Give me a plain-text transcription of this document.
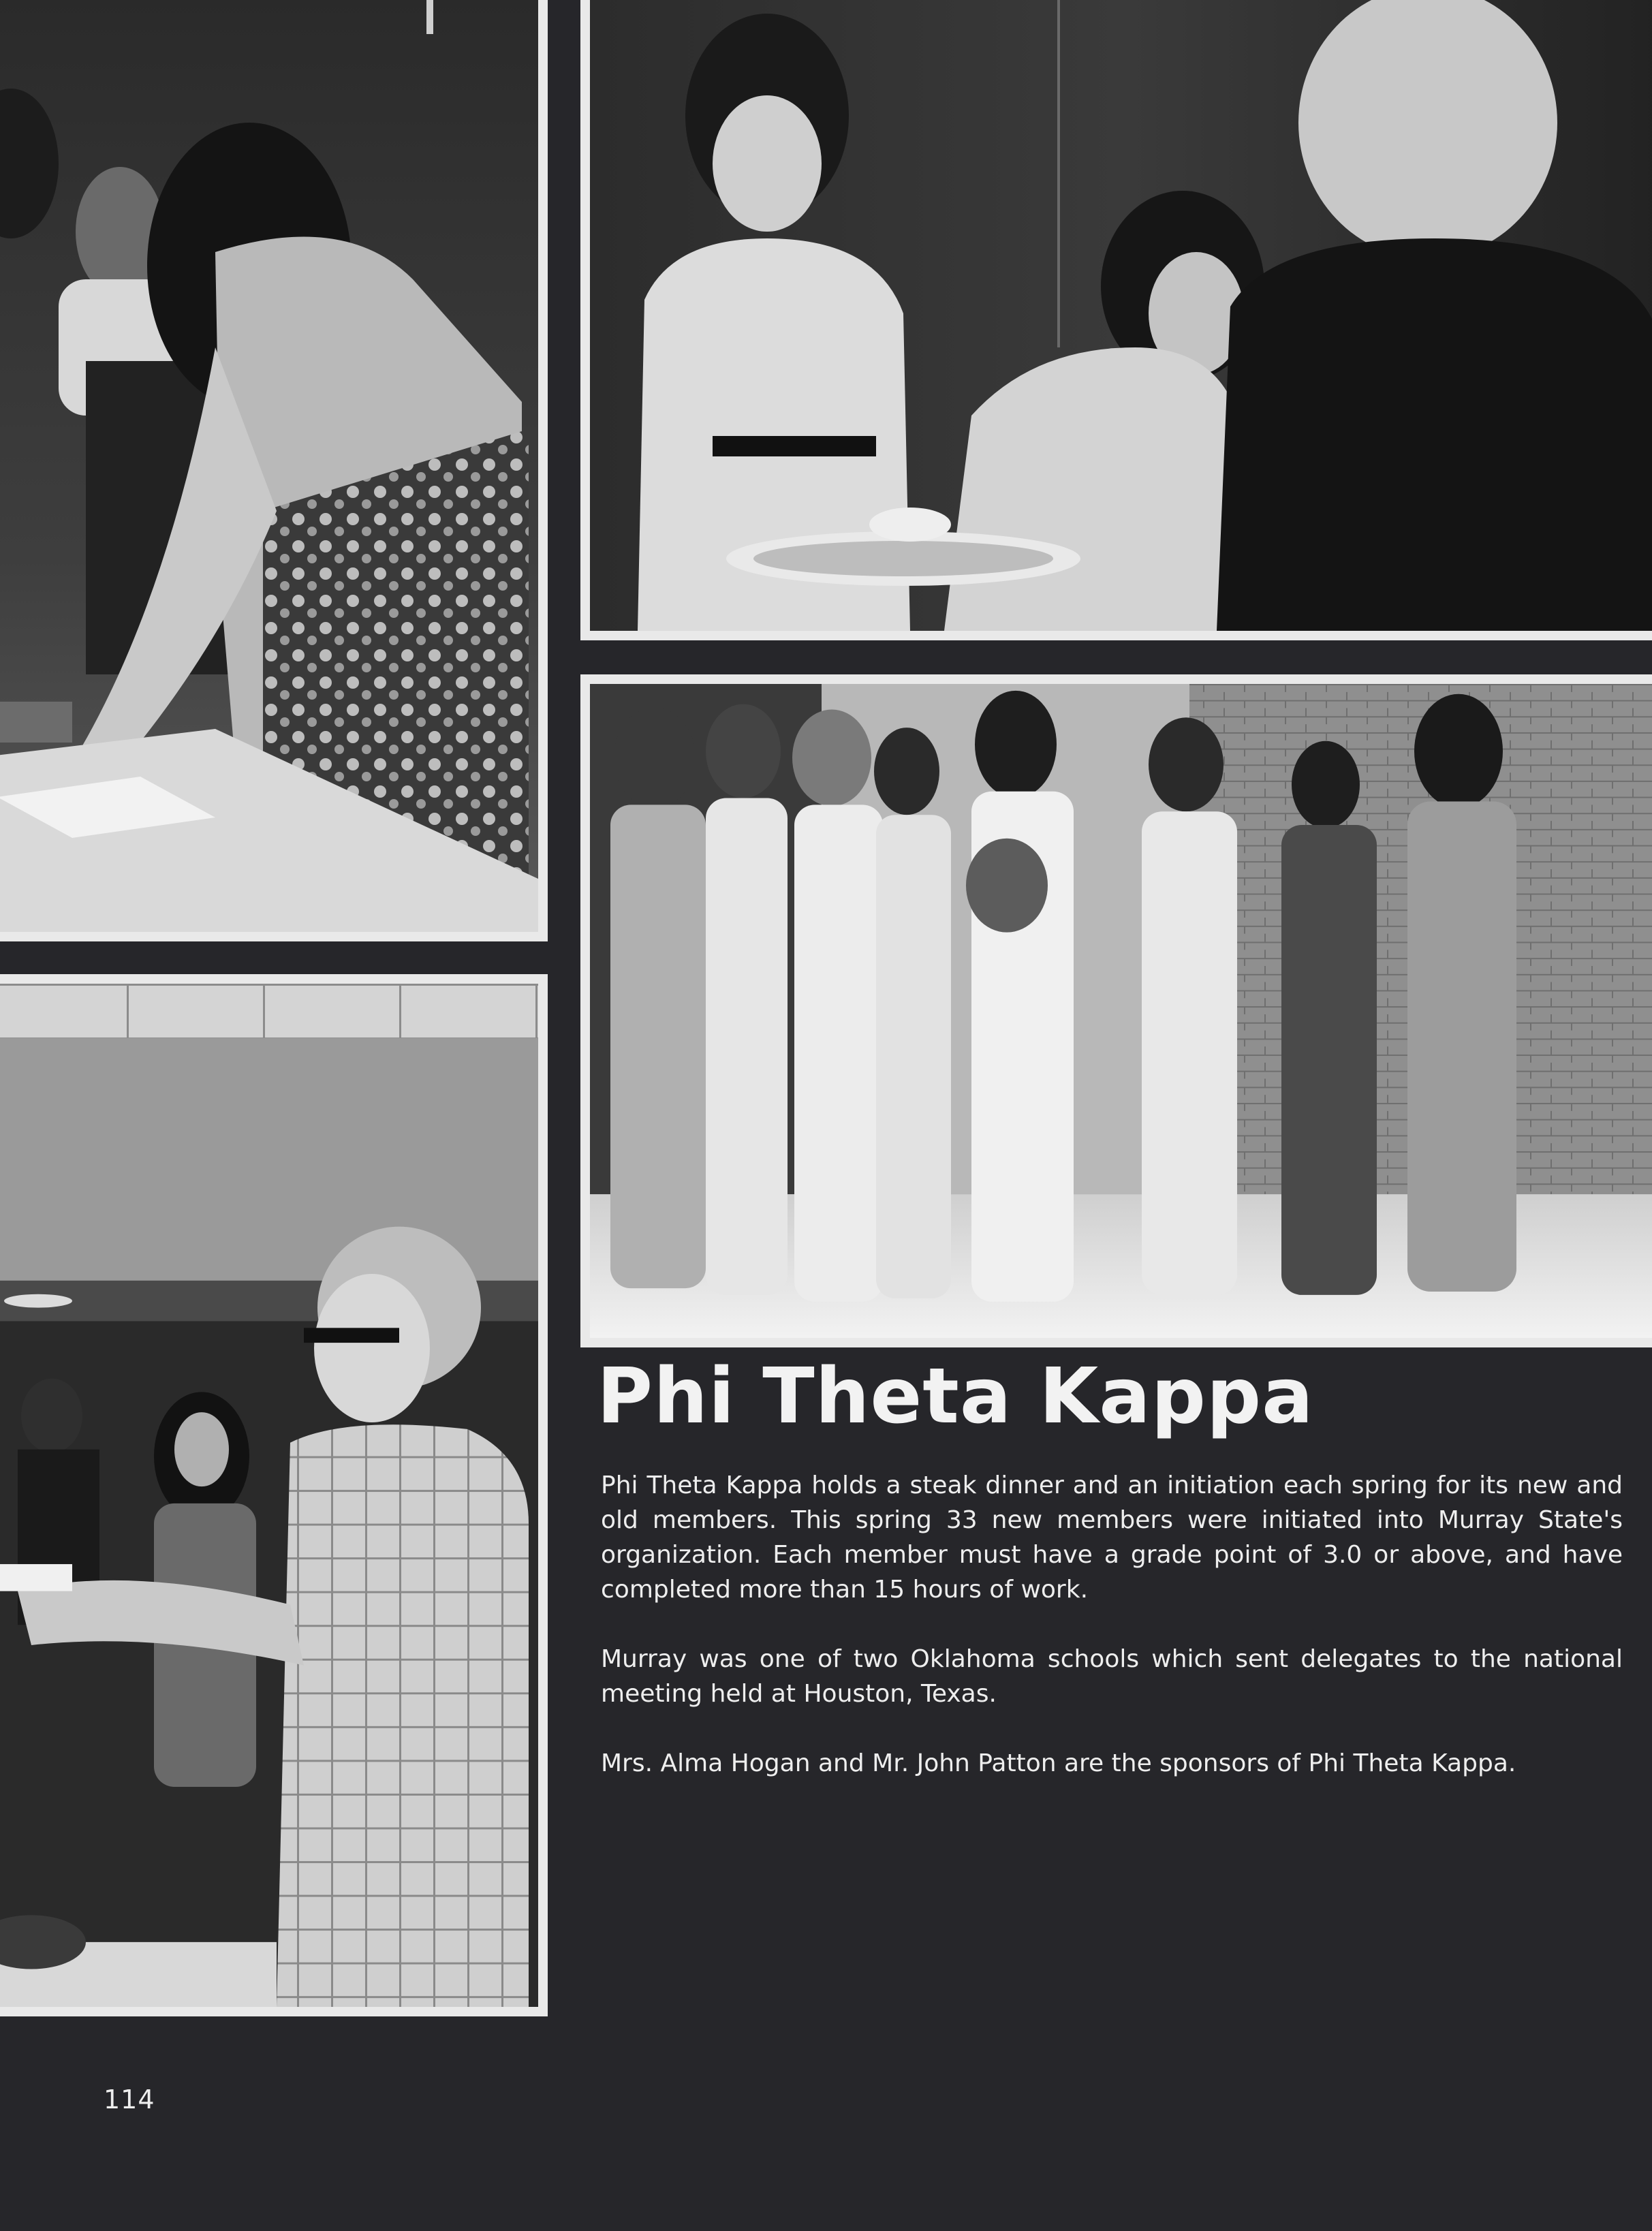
Phi Theta Kappa

Phi Theta Kappa holds a steak dinner and an initiation each spring for its new and old members. This spring 33 new members were initiated into Murray State's organization. Each member must have a grade point of 3.0 or above, and have completed more than 15 hours of work.

Murray was one of two Oklahoma schools which sent delegates to the national meeting held at Houston, Texas.

Mrs. Alma Hogan and Mr. John Patton are the sponsors of Phi Theta Kappa.

114
